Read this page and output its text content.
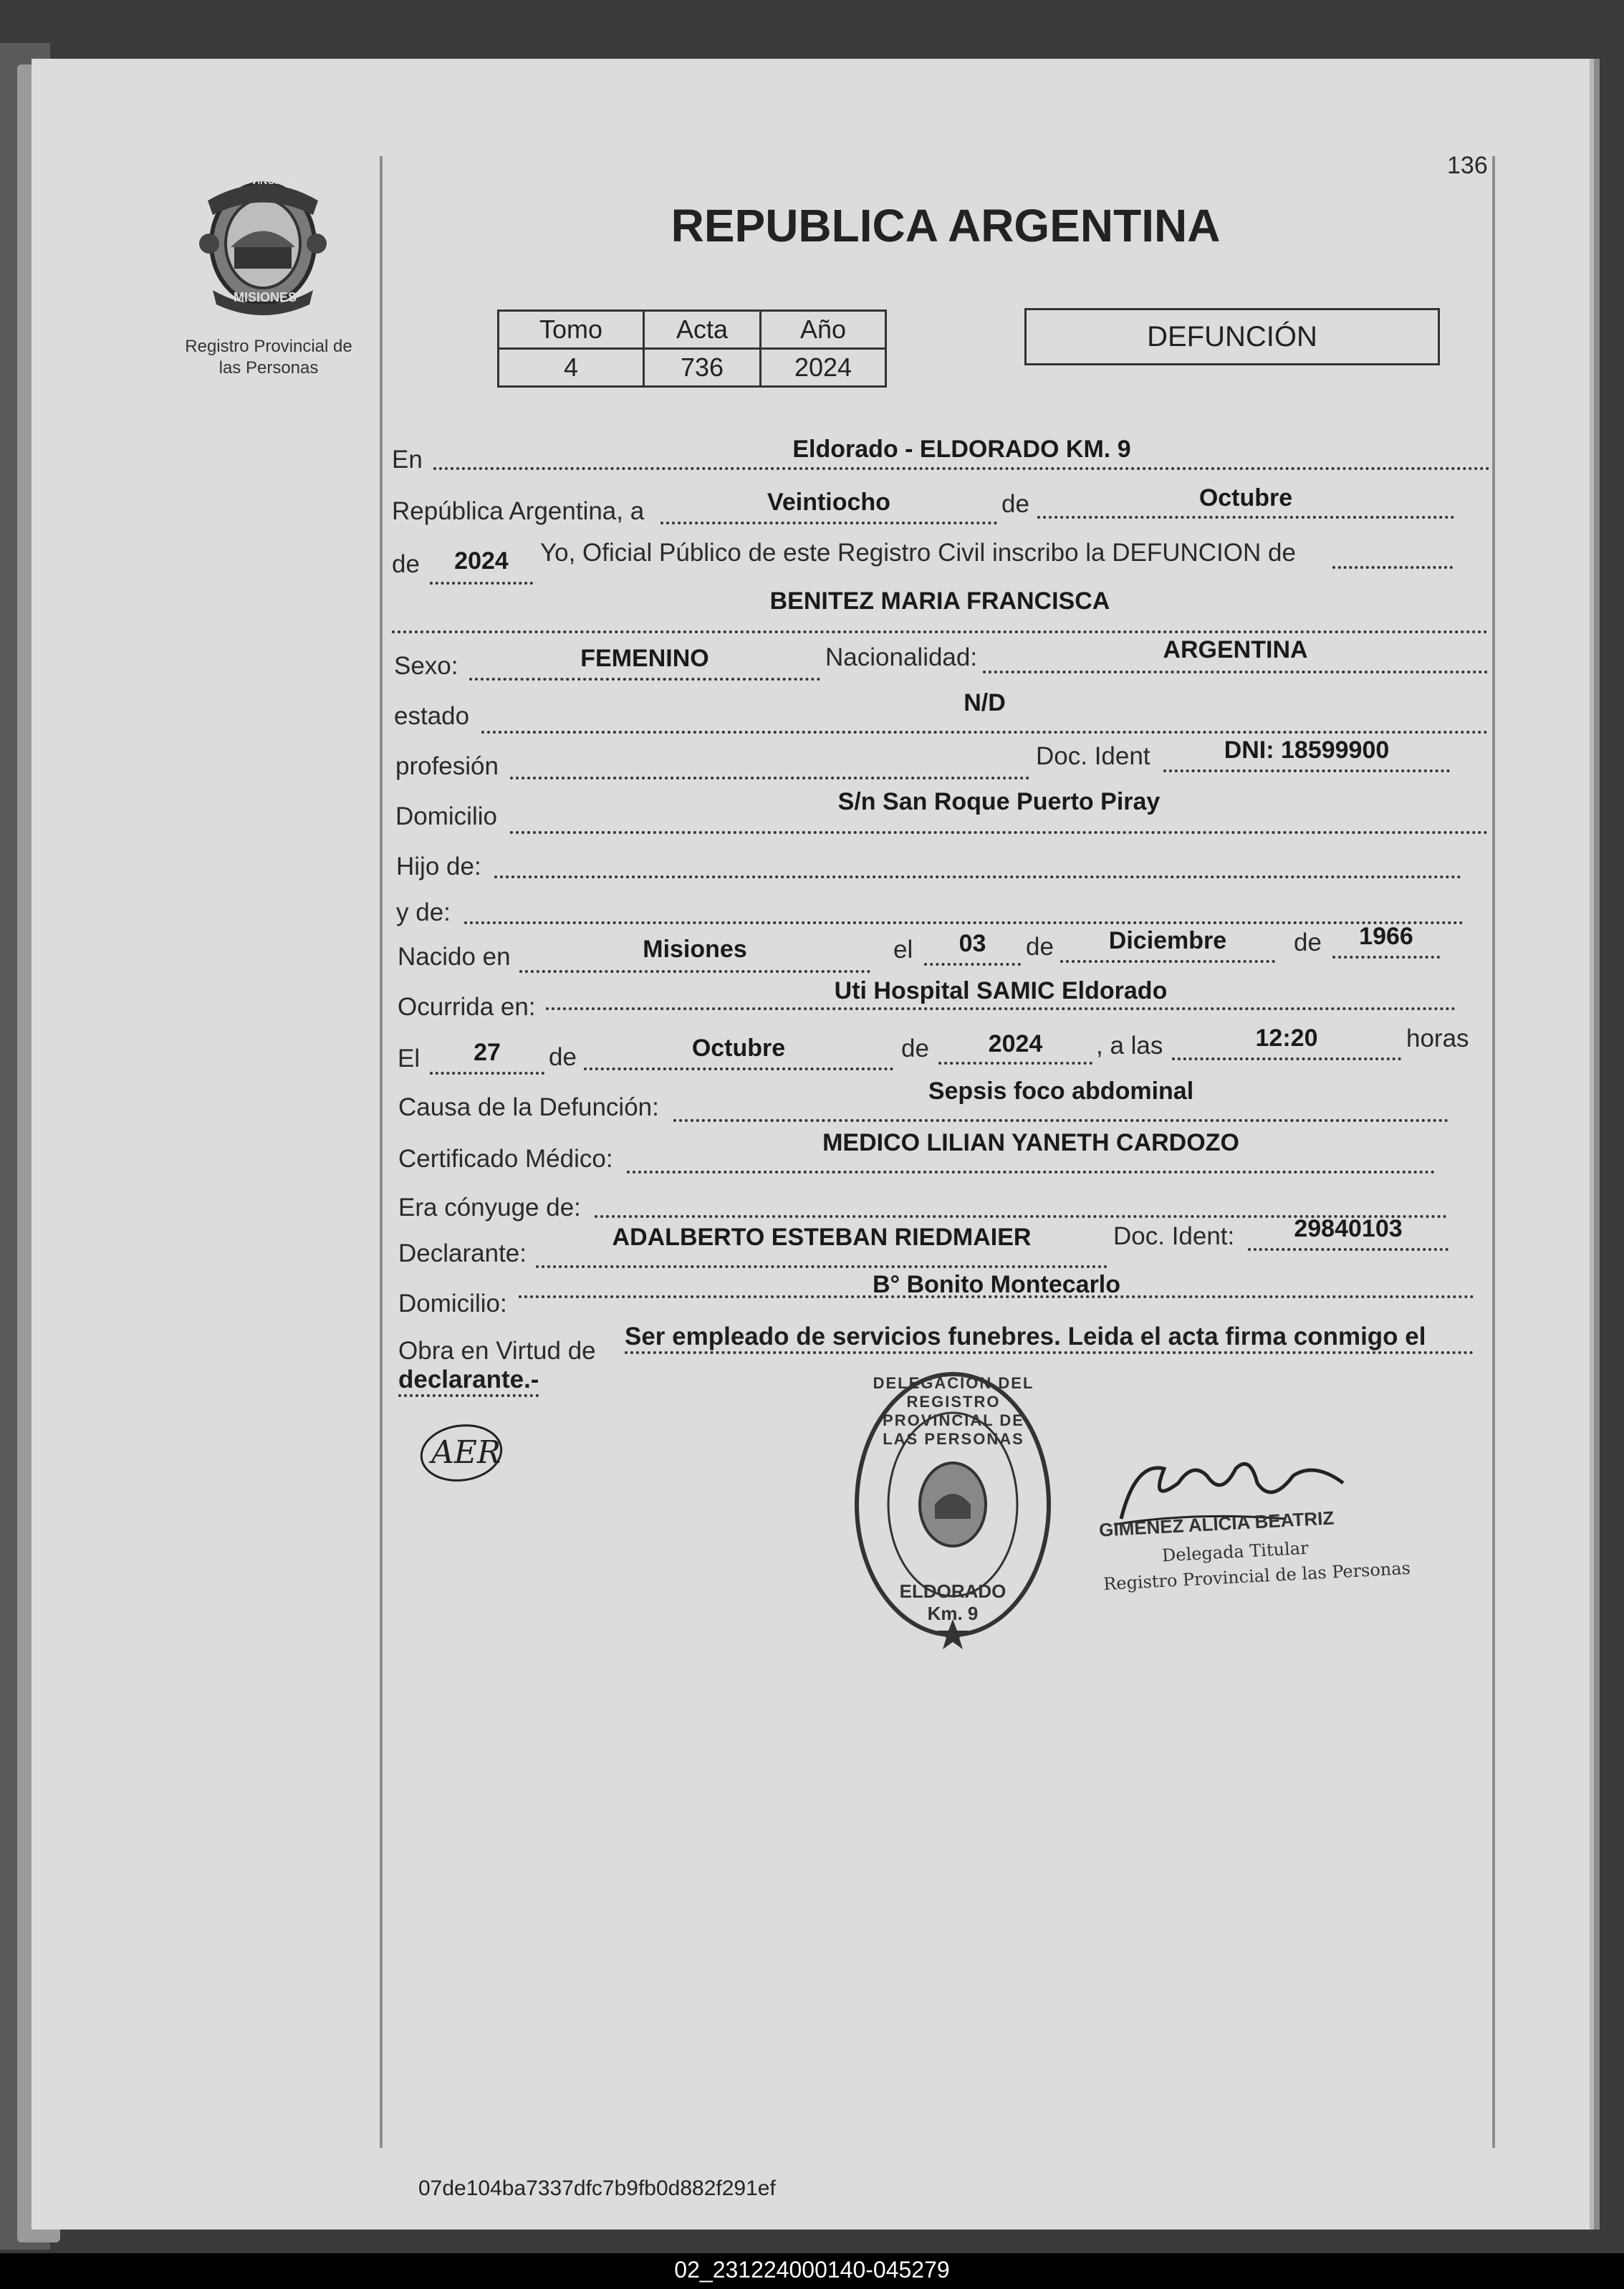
136
PROVINCIA DE
MISIONES
Registro Provincial de
las Personas
REPUBLICA ARGENTINA
Tomo	Acta	Año
4	736	2024
DEFUNCIÓN
En	Eldorado - ELDORADO KM. 9
República Argentina, a	Veintiocho	de	Octubre
de	2024	Yo, Oficial Público de este Registro Civil inscribo la DEFUNCION de
BENITEZ MARIA FRANCISCA
Sexo:	FEMENINO	Nacionalidad:	ARGENTINA
estado	N/D
profesión	Doc. Ident	DNI: 18599900
Domicilio
S/n San Roque Puerto Piray
Hijo de:
y de:
Nacido en	Misiones	el	03	de	Diciembre	de	1966
Ocurrida en:
Uti Hospital SAMIC Eldorado
El	27	de	Octubre	de	2024	, a las	12:20	horas
Causa de la Defunción:
Sepsis foco abdominal
Certificado Médico:
MEDICO LILIAN YANETH CARDOZO
Era cónyuge de:
Declarante:
ADALBERTO ESTEBAN RIEDMAIER	Doc. Ident:	29840103
Domicilio:
B° Bonito Montecarlo
Obra en Virtud de
Ser empleado de servicios funebres. Leida el acta firma conmigo el
declarante.-
AER
DELEGACION DEL REGISTRO PROVINCIAL DE LAS PERSONAS
ELDORADO Km. 9
GIMENEZ ALICIA BEATRIZ
Delegada Titular
Registro Provincial de las Personas
07de104ba7337dfc7b9fb0d882f291ef
02_231224000140-045279
